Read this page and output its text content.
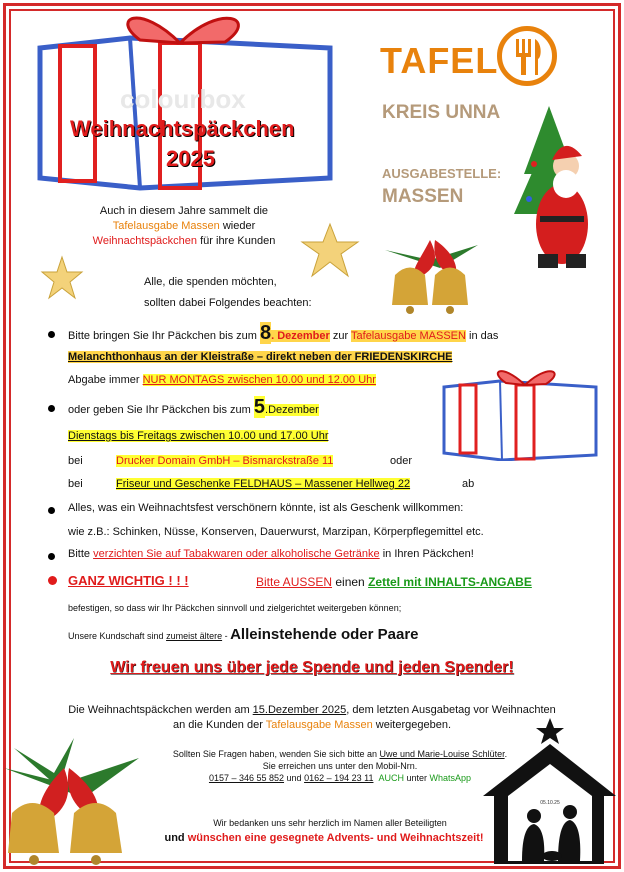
colourbox
Weihnachtspäckchen
2025
TAFEL
KREIS UNNA
AUSGABESTELLE:
MASSEN
Auch in diesem Jahre sammelt die
Tafelausgabe Massen wieder
Weihnachtspäckchen für ihre Kunden
Alle, die spenden möchten,
sollten dabei Folgendes beachten:
Bitte bringen Sie Ihr Päckchen bis zum 8. Dezember zur Tafelausgabe MASSEN in das
Melanchthonhaus an der Kleistraße – direkt neben der FRIEDENSKIRCHE
Abgabe immer NUR MONTAGS zwischen 10.00 und 12.00 Uhr
oder geben Sie Ihr Päckchen bis zum 5.Dezember
Dienstags bis Freitags zwischen 10.00 und 17.00 Uhr
bei	Drucker Domain GmbH – Bismarckstraße 11	oder
bei	Friseur und Geschenke FELDHAUS – Massener Hellweg 22	ab
Alles, was ein Weihnachtsfest verschönern könnte, ist als Geschenk willkommen:
wie z.B.: Schinken, Nüsse, Konserven, Dauerwurst, Marzipan, Körperpflegemittel etc.
Bitte verzichten Sie auf Tabakwaren oder alkoholische Getränke in Ihren Päckchen!
GANZ WICHTIG ! ! !	Bitte AUSSEN einen Zettel mit INHALTS-ANGABE
befestigen, so dass wir Ihr Päckchen sinnvoll und zielgerichtet weitergeben können;
Unsere Kundschaft sind zumeist ältere - Alleinstehende oder Paare
Wir freuen uns über jede Spende und jeden Spender!
Die Weihnachtspäckchen werden am 15.Dezember 2025, dem letzten Ausgabetag vor Weihnachten
an die Kunden der Tafelausgabe Massen weitergegeben.
Sollten Sie Fragen haben, wenden Sie sich bitte an Uwe und Marie-Louise Schlüter.
Sie erreichen uns unter den Mobil-Nrn.
0157 – 346 55 852 und 0162 – 194 23 11 AUCH unter WhatsApp
Wir bedanken uns sehr herzlich im Namen aller Beteiligten
und wünschen eine gesegnete Advents- und Weihnachtszeit!
05.10.25
